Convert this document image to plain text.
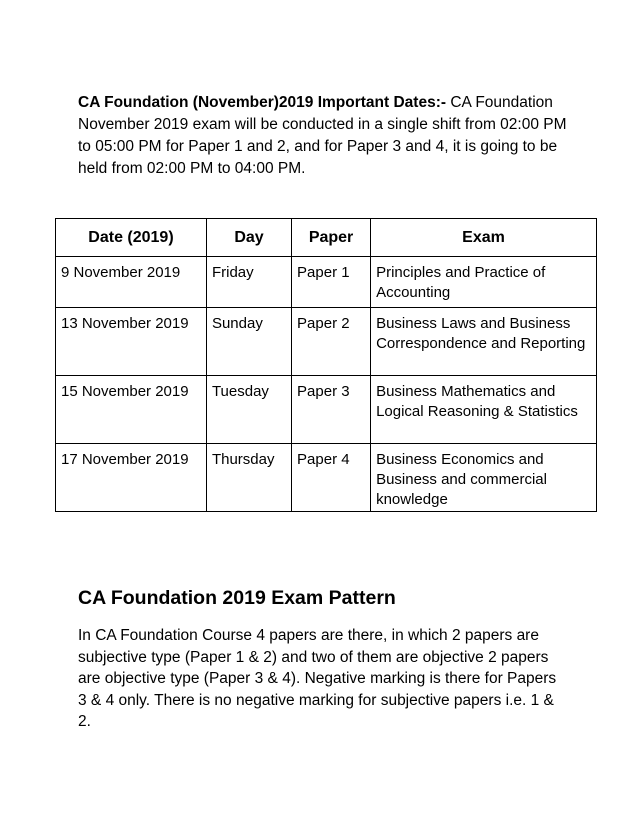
CA Foundation (November)2019 Important Dates:- CA Foundation November 2019 exam will be conducted in a single shift from 02:00 PM to 05:00 PM for Paper 1 and 2, and for Paper 3 and 4, it is going to be held from 02:00 PM to 04:00 PM.

Date (2019)	Day	Paper	Exam
9 November 2019	Friday	Paper 1	Principles and Practice of Accounting
13 November 2019	Sunday	Paper 2	Business Laws and Business Correspondence and Reporting
15 November 2019	Tuesday	Paper 3	Business Mathematics and Logical Reasoning & Statistics
17 November 2019	Thursday	Paper 4	Business Economics and Business and commercial knowledge
CA Foundation 2019 Exam Pattern

In CA Foundation Course 4 papers are there, in which 2 papers are subjective type (Paper 1 & 2) and two of them are objective 2 papers are objective type (Paper 3 & 4). Negative marking is there for Papers 3 & 4 only. There is no negative marking for subjective papers i.e. 1 & 2.
